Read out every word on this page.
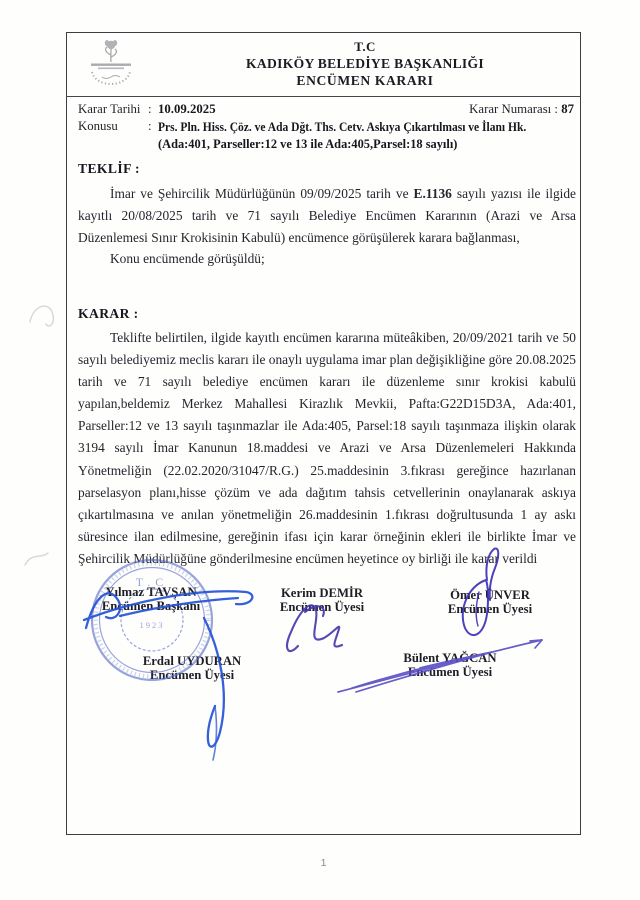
T.C
KADIKÖY BELEDİYE BAŞKANLIĞI
ENCÜMEN KARARI
Karar Tarihi : 10.09.2025	Karar Numarası : 87
Konusu	: Prs. Pln. Hiss. Çöz. ve Ada Dğt. Ths. Cetv. Askıya Çıkartılması ve İlanı Hk.
(Ada:401, Parseller:12 ve 13 ile Ada:405,Parsel:18 sayılı)
TEKLİF :
İmar ve Şehircilik Müdürlüğünün 09/09/2025 tarih ve E.1136 sayılı yazısı ile ilgide kayıtlı 20/08/2025 tarih ve 71 sayılı Belediye Encümen Kararının (Arazi ve Arsa Düzenlemesi Sınır Krokisinin Kabulü) encümence görüşülerek karara bağlanması,
Konu encümende görüşüldü;
KARAR :
Teklifte belirtilen, ilgide kayıtlı encümen kararına müteâkiben, 20/09/2021 tarih ve 50 sayılı belediyemiz meclis kararı ile onaylı uygulama imar plan değişikliğine göre 20.08.2025 tarih ve 71 sayılı belediye encümen kararı ile düzenleme sınır krokisi kabulü yapılan,beldemiz Merkez Mahallesi Kirazlık Mevkii, Pafta:G22D15D3A, Ada:401, Parseller:12 ve 13 sayılı taşınmazlar ile Ada:405, Parsel:18 sayılı taşınmaza ilişkin olarak 3194 sayılı İmar Kanunun 18.maddesi ve Arazi ve Arsa Düzenlemeleri Hakkında Yönetmeliğin (22.02.2020/31047/R.G.) 25.maddesinin 3.fıkrası gereğince hazırlanan parselasyon planı,hisse çözüm ve ada dağıtım tahsis cetvellerinin onaylanarak askıya çıkartılmasına ve anılan yönetmeliğin 26.maddesinin 1.fıkrası doğrultusunda 1 ay askı süresince ilan edilmesine, gereğinin ifası için karar örneğinin ekleri ile birlikte İmar ve Şehircilik Müdürlüğüne gönderilmesine encümen heyetince oy birliği ile karar verildi
Yılmaz TAVŞAN
Encümen Başkanı
Kerim DEMİR
Encümen Üyesi
Ömer ÜNVER
Encümen Üyesi
Erdal UYDURAN
Encümen Üyesi
Bülent YAĞCAN
Encümen Üyesi
T.C
1923
1
